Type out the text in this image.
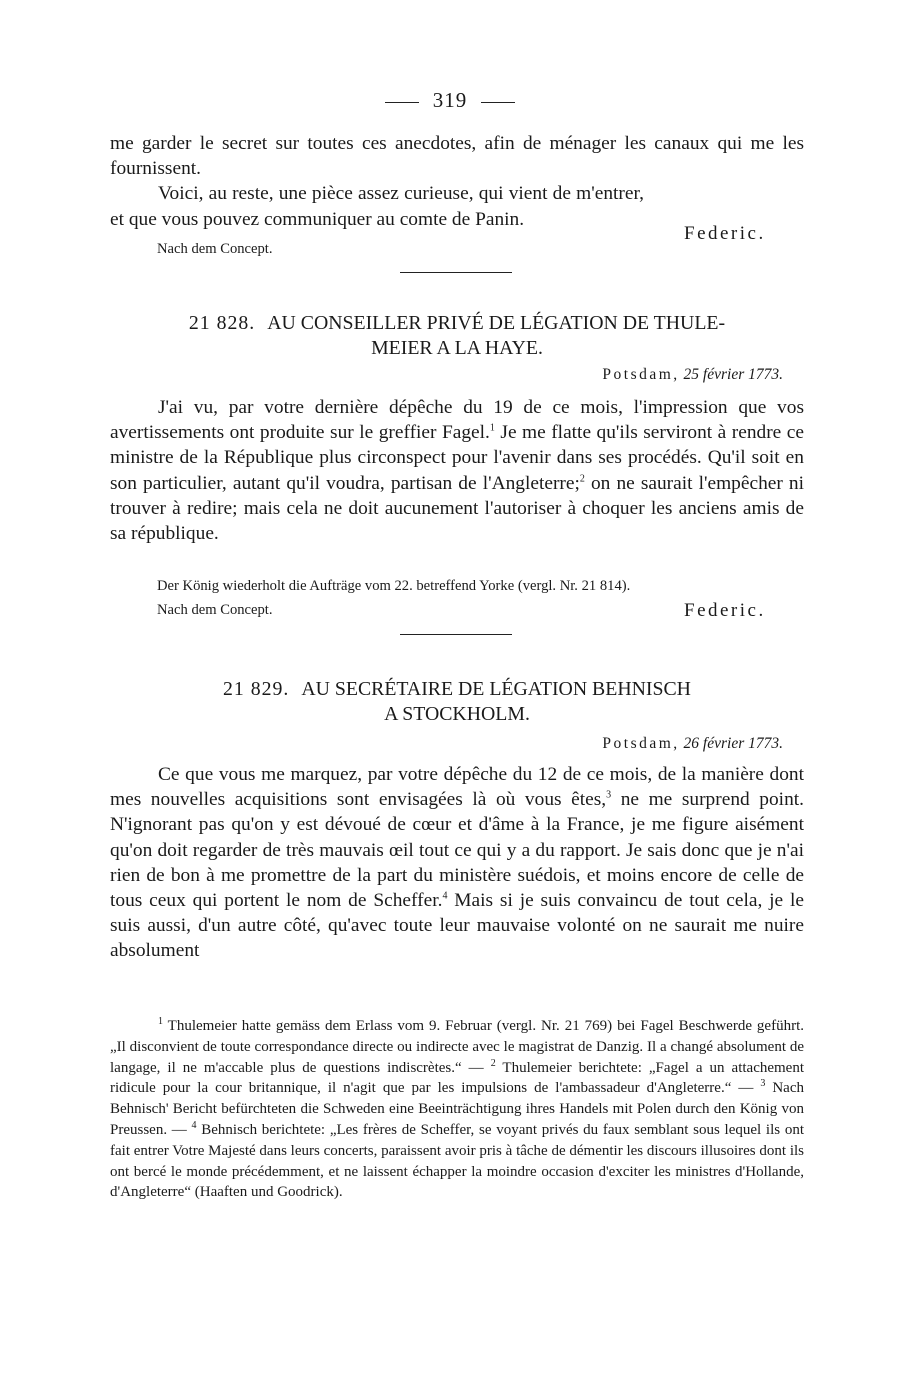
319

me garder le secret sur toutes ces anecdotes, afin de ménager les canaux qui me les fournissent.

Voici, au reste, une pièce assez curieuse, qui vient de m'entrer, et que vous pouvez communiquer au comte de Panin.

Nach dem Concept.
Federic.
21 828. AU CONSEILLER PRIVÉ DE LÉGATION DE THULE-
MEIER A LA HAYE.
Potsdam, 25 février 1773.

J'ai vu, par votre dernière dépêche du 19 de ce mois, l'impression que vos avertissements ont produite sur le greffier Fagel.$^1$ Je me flatte qu'ils serviront à rendre ce ministre de la République plus circonspect pour l'avenir dans ses procédés. Qu'il soit en son particulier, autant qu'il voudra, partisan de l'Angleterre;$^2$ on ne saurait l'empêcher ni trouver à redire; mais cela ne doit aucunement l'autoriser à choquer les anciens amis de sa république.

Der König wiederholt die Aufträge vom 22. betreffend Yorke (vergl. Nr. 21 814).
Nach dem Concept.	Federic.
21 829. AU SECRÉTAIRE DE LÉGATION BEHNISCH
A STOCKHOLM.
Potsdam, 26 février 1773.

Ce que vous me marquez, par votre dépêche du 12 de ce mois, de la manière dont mes nouvelles acquisitions sont envisagées là où vous êtes,$^3$ ne me surprend point. N'ignorant pas qu'on y est dévoué de cœur et d'âme à la France, je me figure aisément qu'on doit regarder de très mauvais œil tout ce qui y a du rapport. Je sais donc que je n'ai rien de bon à me promettre de la part du ministère suédois, et moins encore de celle de tous ceux qui portent le nom de Scheffer.$^4$ Mais si je suis convaincu de tout cela, je le suis aussi, d'un autre côté, qu'avec toute leur mauvaise volonté on ne saurait me nuire absolument

$^1$ Thulemeier hatte gemäss dem Erlass vom 9. Februar (vergl. Nr. 21 769) bei Fagel Beschwerde geführt. „Il disconvient de toute correspondance directe ou indirecte avec le magistrat de Danzig. Il a changé absolument de langage, il ne m'accable plus de questions indiscrètes.“ — $^2$ Thulemeier berichtete: „Fagel a un attachement ridicule pour la cour britannique, il n'agit que par les impulsions de l'ambassadeur d'Angleterre.“ — $^3$ Nach Behnisch' Bericht befürchteten die Schweden eine Beeinträchtigung ihres Handels mit Polen durch den König von Preussen. — $^4$ Behnisch berichtete: „Les frères de Scheffer, se voyant privés du faux semblant sous lequel ils ont fait entrer Votre Majesté dans leurs concerts, paraissent avoir pris à tâche de démentir les discours illusoires dont ils ont bercé le monde précédemment, et ne laissent échapper la moindre occasion d'exciter les ministres d'Hollande, d'Angleterre“ (Haaften und Goodrick).
